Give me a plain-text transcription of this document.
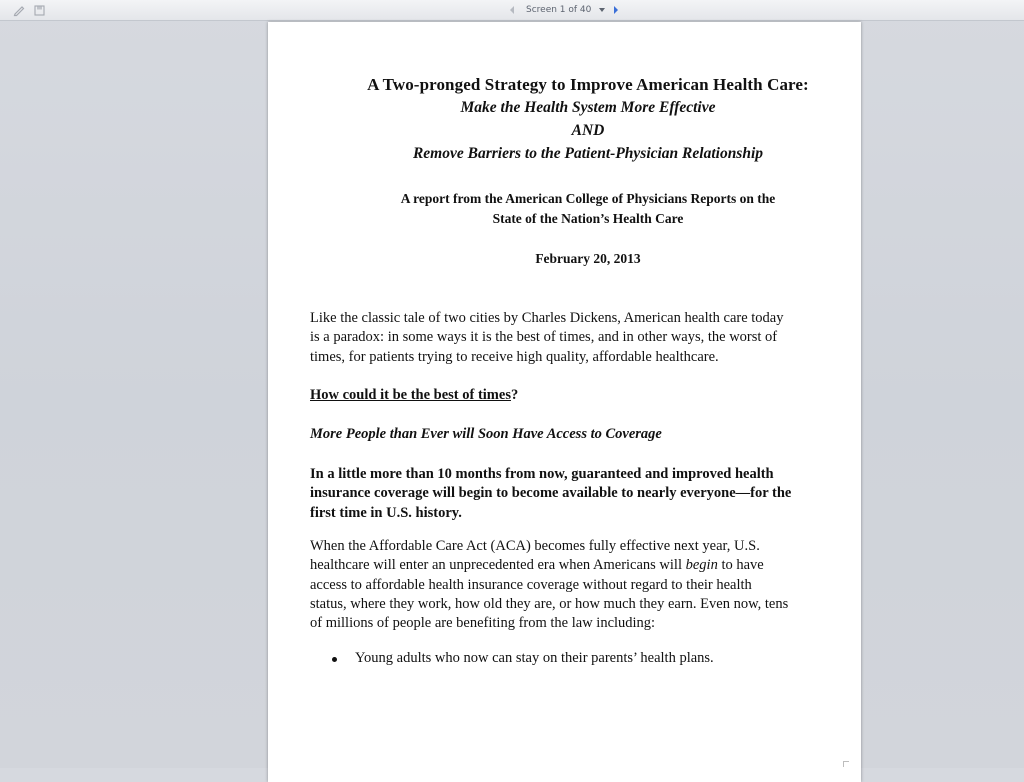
Screen 1 of 40
A Two-pronged Strategy to Improve American Health Care:
Make the Health System More Effective
AND
Remove Barriers to the Patient-Physician Relationship
A report from the American College of Physicians Reports on the
State of the Nation’s Health Care
February 20, 2013
Like the classic tale of two cities by Charles Dickens, American health care today
is a paradox: in some ways it is the best of times, and in other ways, the worst of
times, for patients trying to receive high quality, affordable healthcare.
How could it be the best of times?
More People than Ever will Soon Have Access to Coverage
In a little more than 10 months from now, guaranteed and improved health
insurance coverage will begin to become available to nearly everyone—for the
first time in U.S. history.
When the Affordable Care Act (ACA) becomes fully effective next year, U.S.
healthcare will enter an unprecedented era when Americans will begin to have
access to affordable health insurance coverage without regard to their health
status, where they work, how old they are, or how much they earn. Even now, tens
of millions of people are benefiting from the law including:
Young adults who now can stay on their parents’ health plans.
